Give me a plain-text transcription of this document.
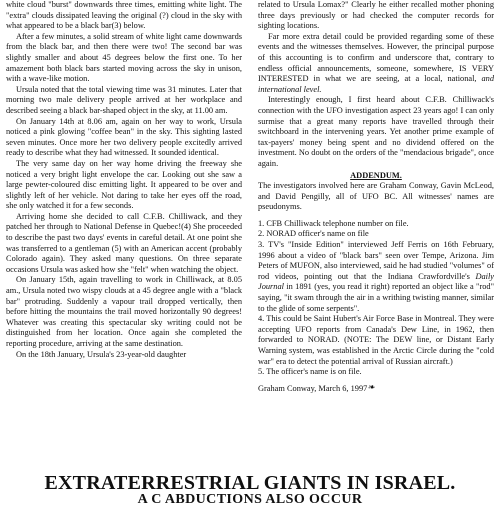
white cloud "burst" downwards three times, emitting white light. The "extra" clouds dissipated leaving the original (?) cloud in the sky with what appeared to be a black bar(3) below.

After a few minutes, a solid stream of white light came downwards from the black bar, and then there were two! The second bar was slightly smaller and about 45 degrees below the first one. To her amazement both black bars started moving across the sky in unison, with a wave-like motion.

Ursula noted that the total viewing time was 31 minutes. Later that morning two male delivery people arrived at her workplace and described seeing a black bar-shaped object in the sky, at 11.00 am.

On January 14th at 8.06 am, again on her way to work, Ursula noticed a pink glowing "coffee bean" in the sky. This sighting lasted seven minutes. Once more her two delivery people excitedly arrived ready to describe what they had witnessed. It sounded identical.

The very same day on her way home driving the freeway she noticed a very bright light envelope the car. Looking out she saw a large pewter-coloured disc emitting light. It appeared to be over and slightly left of her vehicle. Not daring to take her eyes off the road, she only watched it for a few seconds.

Arriving home she decided to call C.F.B. Chilliwack, and they patched her through to National Defense in Quebec!(4) She proceeded to describe the past two days' events in careful detail. At one point she was transferred to a gentleman (5) with an American accent (probably Colorado again). They asked many questions. On three separate occasions Ursula was asked how she "felt" when watching the object.

On January 15th, again travelling to work in Chilliwack, at 8.05 am., Ursula noted two wispy clouds at a 45 degree angle with a "black bar" protruding. Suddenly a vapour trail dropped vertically, then before hitting the mountains the trail moved horizontally 90 degrees! Whatever was creating this spectacular sky writing could not be distinguished from her location. Once again she completed the reporting procedure, arriving at the same destination.

On the 18th January, Ursula's 23-year-old daughter

related to Ursula Lomax?" Clearly he either recalled mother phoning three days previously or had checked the computer records for sighting locations.

Far more extra detail could be provided regarding some of these events and the witnesses themselves. However, the principal purpose of this accounting is to confirm and underscore that, contrary to endless official announcements, someone, somewhere, IS VERY INTERESTED in what we are seeing, at a local, national, and international level.

Interestingly enough, I first heard about C.F.B. Chilliwack's connection with the UFO investigation aspect 23 years ago! I can only surmise that a great many reports have travelled through their switchboard in the intervening years. Yet another prime example of tax-payers' money being spent and no dividend offered on the investment. No doubt on the orders of the "mendacious brigade", once again.

ADDENDUM.

The investigators involved here are Graham Conway, Gavin McLeod, and David Pengilly, all of UFO BC. All witnesses' names are pseudonyms.

1. CFB Chilliwack telephone number on file.

2. NORAD officer's name on file

3. TV's "Inside Edition" interviewed Jeff Ferris on 16th February, 1996 about a video of "black bars" seen over Tempe, Arizona. Jim Peters of MUFON, also interviewed, said he had studied "volumes" of rod videos, pointing out that the Indiana Crawfordville's Daily Journal in 1891 (yes, you read it right) reported an object like a "rod" saying, "it swam through the air in a writhing twisting manner, similar to the glide of some serpents".

4. This could be Saint Hubert's Air Force Base in Montreal. They were accepting UFO reports from Canada's Dew Line, in 1962, then forwarded to NORAD. (NOTE: The DEW line, or Distant Early Warning system, was established in the Arctic Circle during the "cold war" era to detect the potential arrival of Russian aircraft.)

5. The officer's name is on file.

Graham Conway, March 6, 1997❧

EXTRATERRESTRIAL GIANTS IN ISRAEL.
A C ABDUCTIONS ALSO OCCUR
